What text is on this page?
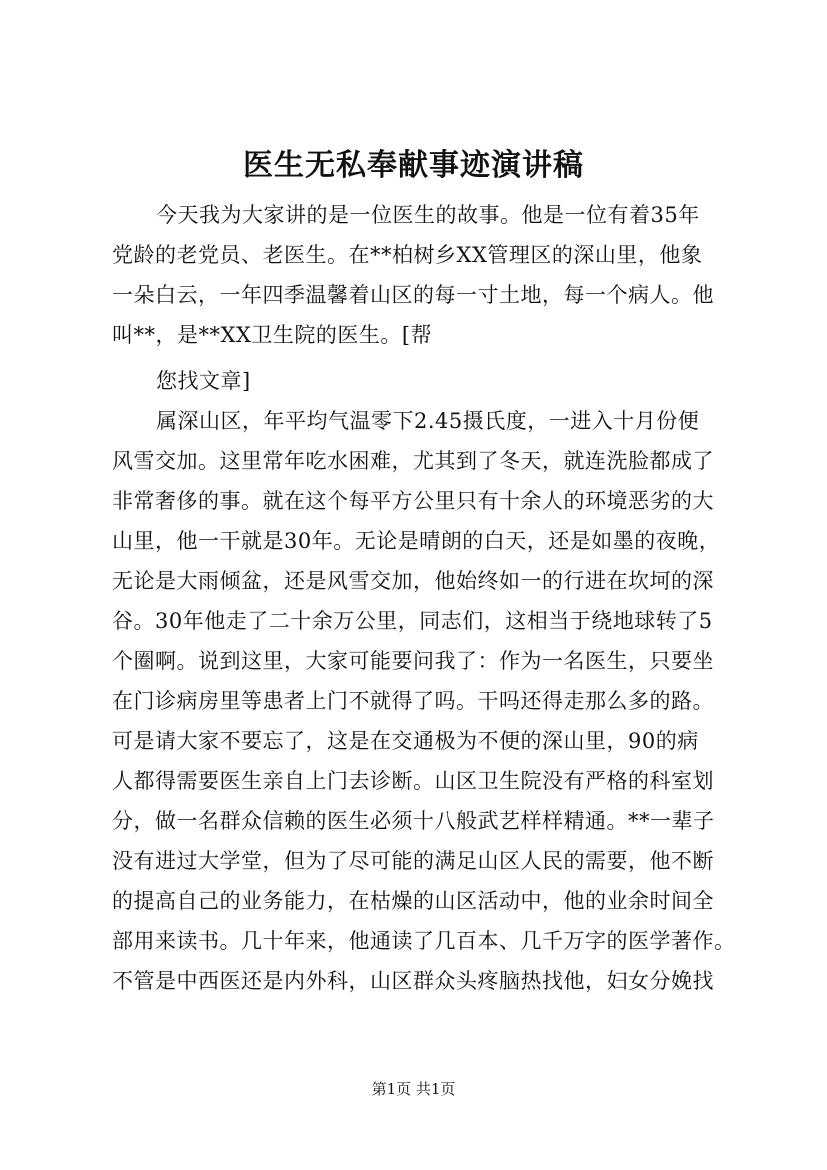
医生无私奉献事迹演讲稿
今天我为大家讲的是一位医生的故事。他是一位有着35年
党龄的老党员、老医生。在**柏树乡XX管理区的深山里，他象
一朵白云，一年四季温馨着山区的每一寸土地，每一个病人。他
叫**，是**XX卫生院的医生。[帮
您找文章]
属深山区，年平均气温零下2.45摄氏度，一进入十月份便
风雪交加。这里常年吃水困难，尤其到了冬天，就连洗脸都成了
非常奢侈的事。就在这个每平方公里只有十余人的环境恶劣的大
山里，他一干就是30年。无论是晴朗的白天，还是如墨的夜晚，
无论是大雨倾盆，还是风雪交加，他始终如一的行进在坎坷的深
谷。30年他走了二十余万公里，同志们，这相当于绕地球转了5
个圈啊。说到这里，大家可能要问我了：作为一名医生，只要坐
在门诊病房里等患者上门不就得了吗。干吗还得走那么多的路。
可是请大家不要忘了，这是在交通极为不便的深山里，90的病
人都得需要医生亲自上门去诊断。山区卫生院没有严格的科室划
分，做一名群众信赖的医生必须十八般武艺样样精通。**一辈子
没有进过大学堂，但为了尽可能的满足山区人民的需要，他不断
的提高自己的业务能力，在枯燥的山区活动中，他的业余时间全
部用来读书。几十年来，他通读了几百本、几千万字的医学著作。
不管是中西医还是内外科，山区群众头疼脑热找他，妇女分娩找
第1页 共1页
